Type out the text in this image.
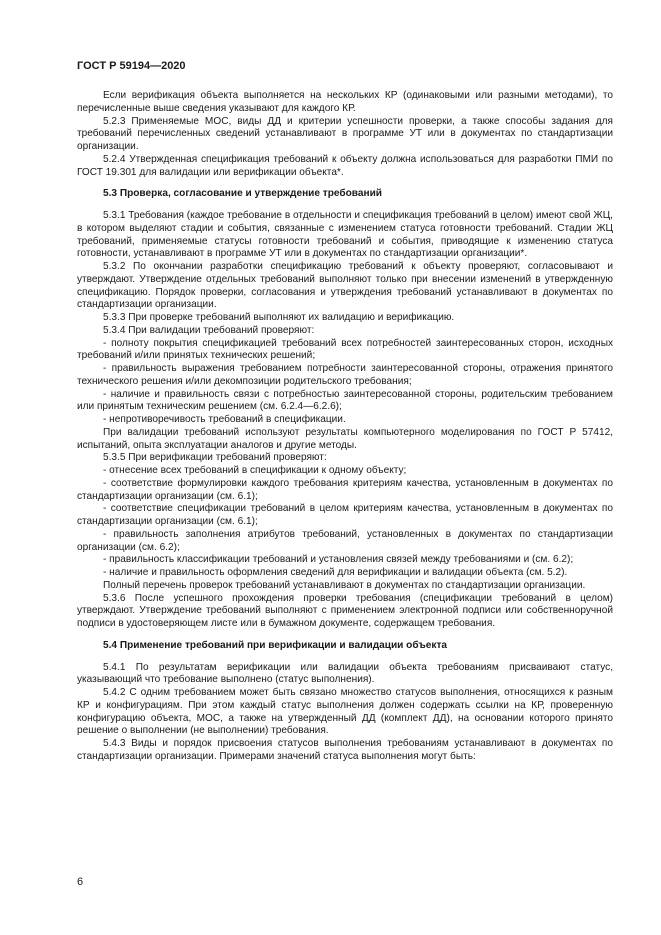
ГОСТ Р 59194—2020

Если верификация объекта выполняется на нескольких КР (одинаковыми или разными методами), то перечисленные выше сведения указывают для каждого КР.

5.2.3 Применяемые МОС, виды ДД и критерии успешности проверки, а также способы задания для требований перечисленных сведений устанавливают в программе УТ или в документах по стандартизации организации.

5.2.4 Утвержденная спецификация требований к объекту должна использоваться для разработки ПМИ по ГОСТ 19.301 для валидации или верификации объекта*.

5.3 Проверка, согласование и утверждение требований

5.3.1 Требования (каждое требование в отдельности и спецификация требований в целом) имеют свой ЖЦ, в котором выделяют стадии и события, связанные с изменением статуса готовности требований. Стадии ЖЦ требований, применяемые статусы готовности требований и события, приводящие к изменению статуса готовности, устанавливают в программе УТ или в документах по стандартизации организации*.

5.3.2 По окончании разработки спецификацию требований к объекту проверяют, согласовывают и утверждают. Утверждение отдельных требований выполняют только при внесении изменений в утвержденную спецификацию. Порядок проверки, согласования и утверждения требований устанавливают в документах по стандартизации организации.

5.3.3 При проверке требований выполняют их валидацию и верификацию.

5.3.4 При валидации требований проверяют:

- полноту покрытия спецификацией требований всех потребностей заинтересованных сторон, исходных требований и/или принятых технических решений;

- правильность выражения требованием потребности заинтересованной стороны, отражения принятого технического решения и/или декомпозиции родительского требования;

- наличие и правильность связи с потребностью заинтересованной стороны, родительским требованием или принятым техническим решением (см. 6.2.4—6.2.6);

- непротиворечивость требований в спецификации.

При валидации требований используют результаты компьютерного моделирования по ГОСТ Р 57412, испытаний, опыта эксплуатации аналогов и другие методы.

5.3.5 При верификации требований проверяют:

- отнесение всех требований в спецификации к одному объекту;

- соответствие формулировки каждого требования критериям качества, установленным в документах по стандартизации организации (см. 6.1);

- соответствие спецификации требований в целом критериям качества, установленным в документах по стандартизации организации (см. 6.1);

- правильность заполнения атрибутов требований, установленных в документах по стандартизации организации (см. 6.2);

- правильность классификации требований и установления связей между требованиями и (см. 6.2);

- наличие и правильность оформления сведений для верификации и валидации объекта (см. 5.2).

Полный перечень проверок требований устанавливают в документах по стандартизации организации.

5.3.6 После успешного прохождения проверки требования (спецификации требований в целом) утверждают. Утверждение требований выполняют с применением электронной подписи или собственноручной подписи в удостоверяющем листе или в бумажном документе, содержащем требования.

5.4 Применение требований при верификации и валидации объекта

5.4.1 По результатам верификации или валидации объекта требованиям присваивают статус, указывающий что требование выполнено (статус выполнения).

5.4.2 С одним требованием может быть связано множество статусов выполнения, относящихся к разным КР и конфигурациям. При этом каждый статус выполнения должен содержать ссылки на КР, проверенную конфигурацию объекта, МОС, а также на утвержденный ДД (комплект ДД), на основании которого принято решение о выполнении (не выполнении) требования.

5.4.3 Виды и порядок присвоения статусов выполнения требованиям устанавливают в документах по стандартизации организации. Примерами значений статуса выполнения могут быть:

6
